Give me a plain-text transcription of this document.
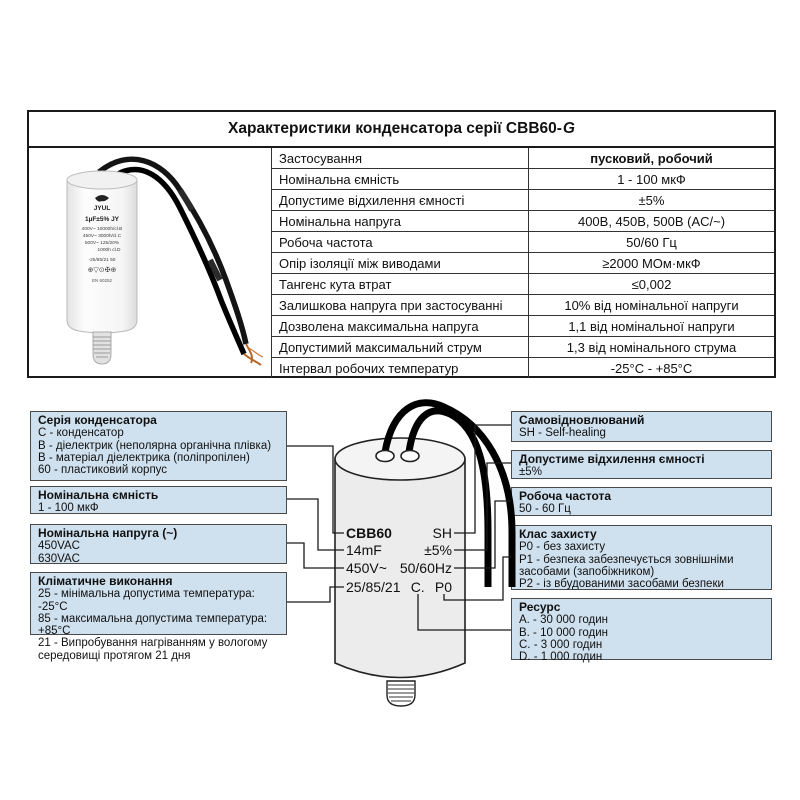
Характеристики конденсатора серії CBB60- G
JYUL
1µF±5% JY
400V~ 10000h/cl.B
450V~ 3000h/cl.C
500V~ 125/20%
1000h cl.D
-25/85/21 50
⊕▽⊙✠⊕
EN 60252
Застосування	пусковий, робочий
Номінальна ємність	1 - 100 мкФ
Допустиме відхилення ємності	±5%
Номінальна напруга	400В, 450В, 500В (AC/~)
Робоча частота	50/60 Гц
Опір ізоляції між виводами	≥2000 МОм·мкФ
Тангенс кута втрат	≤0,002
Залишкова напруга при застосуванні	10% від номінальної напруги
Дозволена максимальна напруга	1,1 від номінальної напруги
Допустимий максимальний струм	1,3 від номінального струма
Інтервал робочих температур	-25°C - +85°C
Серія конденсатора
C - конденсатор
B - діелектрик (неполярна органічна плівка)
B - матеріал діелектрика (поліпропілен)
60 - пластиковий корпус
Номінальна ємність
1 - 100 мкФ
Номінальна напруга (~)
450VAC
630VAC
Кліматичне виконання
25 - мінімальна допустима температура: -25°C
85 - максимальна допустима температура: +85°C
21 - Випробування нагріванням у вологому середовищі протягом 21 дня
Самовідновлюваний
SH - Self-healing
Допустиме відхилення ємності
±5%
Робоча частота
50 - 60 Гц
Клас захисту
P0 - без захисту
P1 - безпека забезпечується зовнішніми засобами (запобіжником)
P2 - із вбудованими засобами безпеки
Ресурс
A. - 30 000 годин
B. - 10 000 годин
C. - 3 000 годин
D. - 1 000 годин
CBB60	SH
14mF	±5%
450V~ 50/60Hz
25/85/21 C. P0
